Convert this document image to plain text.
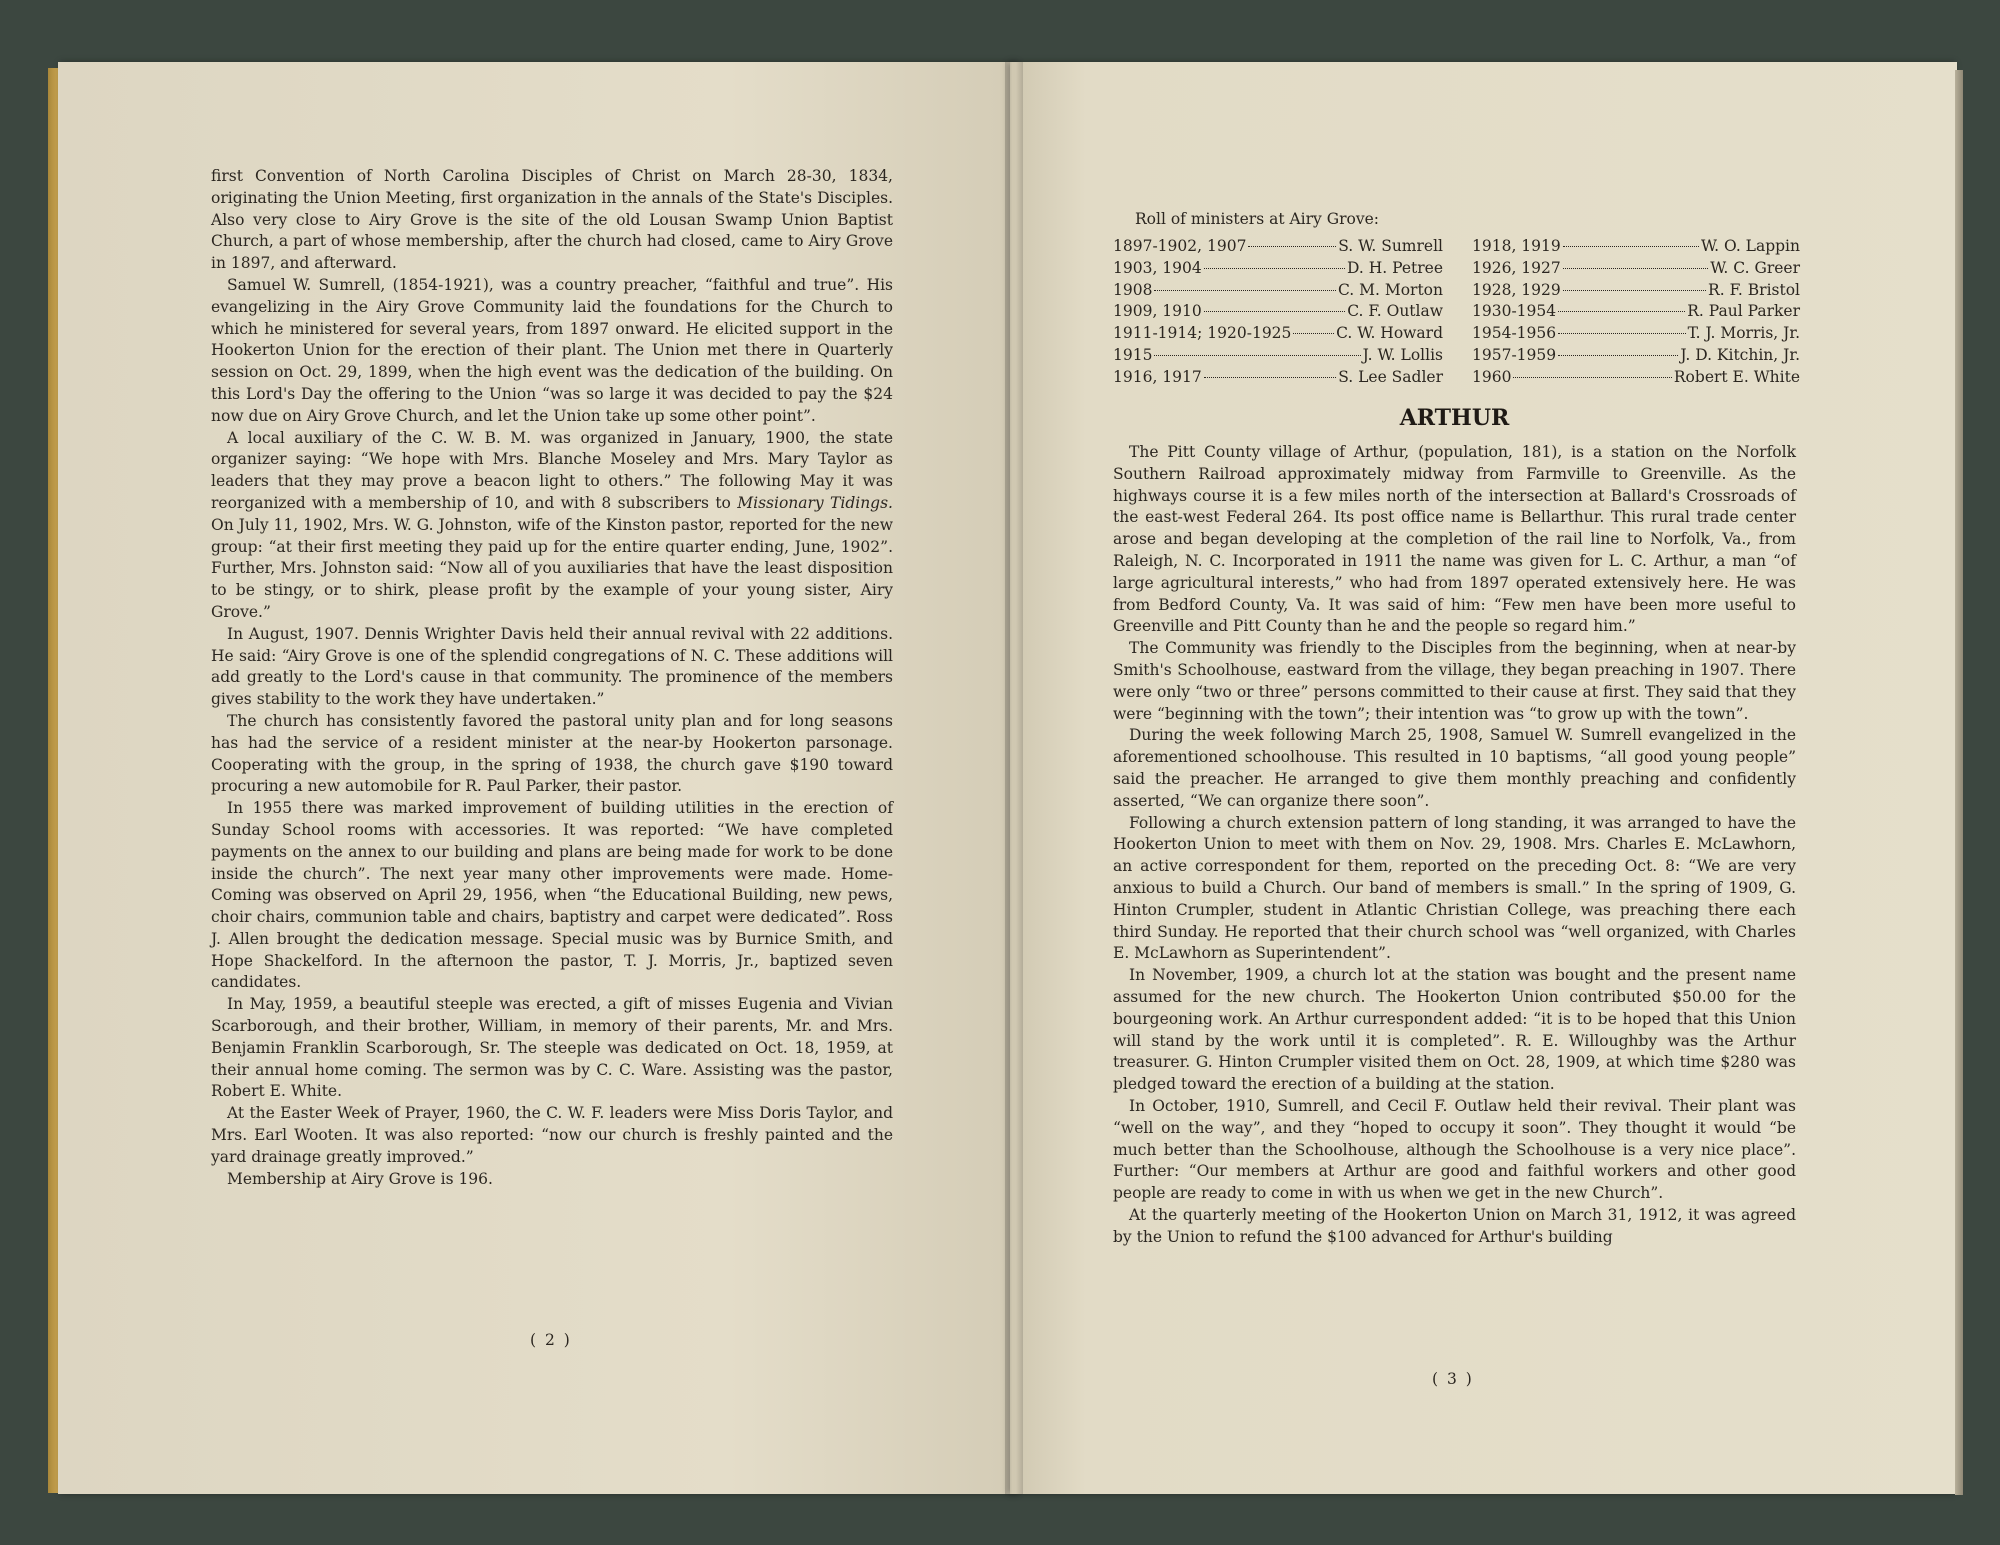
first Convention of North Carolina Disciples of Christ on March 28-30, 1834, originating the Union Meeting, first organization in the annals of the State's Disciples. Also very close to Airy Grove is the site of the old Lousan Swamp Union Baptist Church, a part of whose membership, after the church had closed, came to Airy Grove in 1897, and afterward.

Samuel W. Sumrell, (1854-1921), was a country preacher, “faithful and true”. His evangelizing in the Airy Grove Community laid the foundations for the Church to which he ministered for several years, from 1897 onward. He elicited support in the Hookerton Union for the erection of their plant. The Union met there in Quarterly session on Oct. 29, 1899, when the high event was the dedication of the building. On this Lord's Day the offering to the Union “was so large it was decided to pay the $24 now due on Airy Grove Church, and let the Union take up some other point”.

A local auxiliary of the C. W. B. M. was organized in January, 1900, the state organizer saying: “We hope with Mrs. Blanche Moseley and Mrs. Mary Taylor as leaders that they may prove a beacon light to others.” The following May it was reorganized with a membership of 10, and with 8 subscribers to Missionary Tidings. On July 11, 1902, Mrs. W. G. Johnston, wife of the Kinston pastor, reported for the new group: “at their first meeting they paid up for the entire quarter ending, June, 1902”. Further, Mrs. Johnston said: “Now all of you auxiliaries that have the least disposition to be stingy, or to shirk, please profit by the example of your young sister, Airy Grove.”

In August, 1907. Dennis Wrighter Davis held their annual revival with 22 additions. He said: “Airy Grove is one of the splendid congregations of N. C. These additions will add greatly to the Lord's cause in that community. The prominence of the members gives stability to the work they have undertaken.”

The church has consistently favored the pastoral unity plan and for long seasons has had the service of a resident minister at the near-by Hookerton parsonage. Cooperating with the group, in the spring of 1938, the church gave $190 toward procuring a new automobile for R. Paul Parker, their pastor.

In 1955 there was marked improvement of building utilities in the erection of Sunday School rooms with accessories. It was reported: “We have completed payments on the annex to our building and plans are being made for work to be done inside the church”. The next year many other improvements were made. Home-Coming was observed on April 29, 1956, when “the Educational Building, new pews, choir chairs, communion table and chairs, baptistry and carpet were dedicated”. Ross J. Allen brought the dedication message. Special music was by Burnice Smith, and Hope Shackelford. In the afternoon the pastor, T. J. Morris, Jr., baptized seven candidates.

In May, 1959, a beautiful steeple was erected, a gift of misses Eugenia and Vivian Scarborough, and their brother, William, in memory of their parents, Mr. and Mrs. Benjamin Franklin Scarborough, Sr. The steeple was dedicated on Oct. 18, 1959, at their annual home coming. The sermon was by C. C. Ware. Assisting was the pastor, Robert E. White.

At the Easter Week of Prayer, 1960, the C. W. F. leaders were Miss Doris Taylor, and Mrs. Earl Wooten. It was also reported: “now our church is freshly painted and the yard drainage greatly improved.”

Membership at Airy Grove is 196.

( 2 )
Roll of ministers at Airy Grove:
1897-1902, 1907	S. W. Sumrell
1903, 1904	D. H. Petree
1908	C. M. Morton
1909, 1910	C. F. Outlaw
1911-1914; 1920-1925	C. W. Howard
1915	J. W. Lollis
1916, 1917	S. Lee Sadler
1918, 1919	W. O. Lappin
1926, 1927	W. C. Greer
1928, 1929	R. F. Bristol
1930-1954	R. Paul Parker
1954-1956	T. J. Morris, Jr.
1957-1959	J. D. Kitchin, Jr.
1960	Robert E. White
ARTHUR

The Pitt County village of Arthur, (population, 181), is a station on the Norfolk Southern Railroad approximately midway from Farmville to Greenville. As the highways course it is a few miles north of the intersection at Ballard's Crossroads of the east-west Federal 264. Its post office name is Bellarthur. This rural trade center arose and began developing at the completion of the rail line to Norfolk, Va., from Raleigh, N. C. Incorporated in 1911 the name was given for L. C. Arthur, a man “of large agricultural interests,” who had from 1897 operated extensively here. He was from Bedford County, Va. It was said of him: “Few men have been more useful to Greenville and Pitt County than he and the people so regard him.”

The Community was friendly to the Disciples from the beginning, when at near-by Smith's Schoolhouse, eastward from the village, they began preaching in 1907. There were only “two or three” persons committed to their cause at first. They said that they were “beginning with the town”; their intention was “to grow up with the town”.

During the week following March 25, 1908, Samuel W. Sumrell evangelized in the aforementioned schoolhouse. This resulted in 10 baptisms, “all good young people” said the preacher. He arranged to give them monthly preaching and confidently asserted, “We can organize there soon”.

Following a church extension pattern of long standing, it was arranged to have the Hookerton Union to meet with them on Nov. 29, 1908. Mrs. Charles E. McLawhorn, an active correspondent for them, reported on the preceding Oct. 8: “We are very anxious to build a Church. Our band of members is small.” In the spring of 1909, G. Hinton Crumpler, student in Atlantic Christian College, was preaching there each third Sunday. He reported that their church school was “well organized, with Charles E. McLawhorn as Superintendent”.

In November, 1909, a church lot at the station was bought and the present name assumed for the new church. The Hookerton Union contributed $50.00 for the bourgeoning work. An Arthur currespondent added: “it is to be hoped that this Union will stand by the work until it is completed”. R. E. Willoughby was the Arthur treasurer. G. Hinton Crumpler visited them on Oct. 28, 1909, at which time $280 was pledged toward the erection of a building at the station.

In October, 1910, Sumrell, and Cecil F. Outlaw held their revival. Their plant was “well on the way”, and they “hoped to occupy it soon”. They thought it would “be much better than the Schoolhouse, although the Schoolhouse is a very nice place”. Further: “Our members at Arthur are good and faithful workers and other good people are ready to come in with us when we get in the new Church”.

At the quarterly meeting of the Hookerton Union on March 31, 1912, it was agreed by the Union to refund the $100 advanced for Arthur's building

( 3 )
